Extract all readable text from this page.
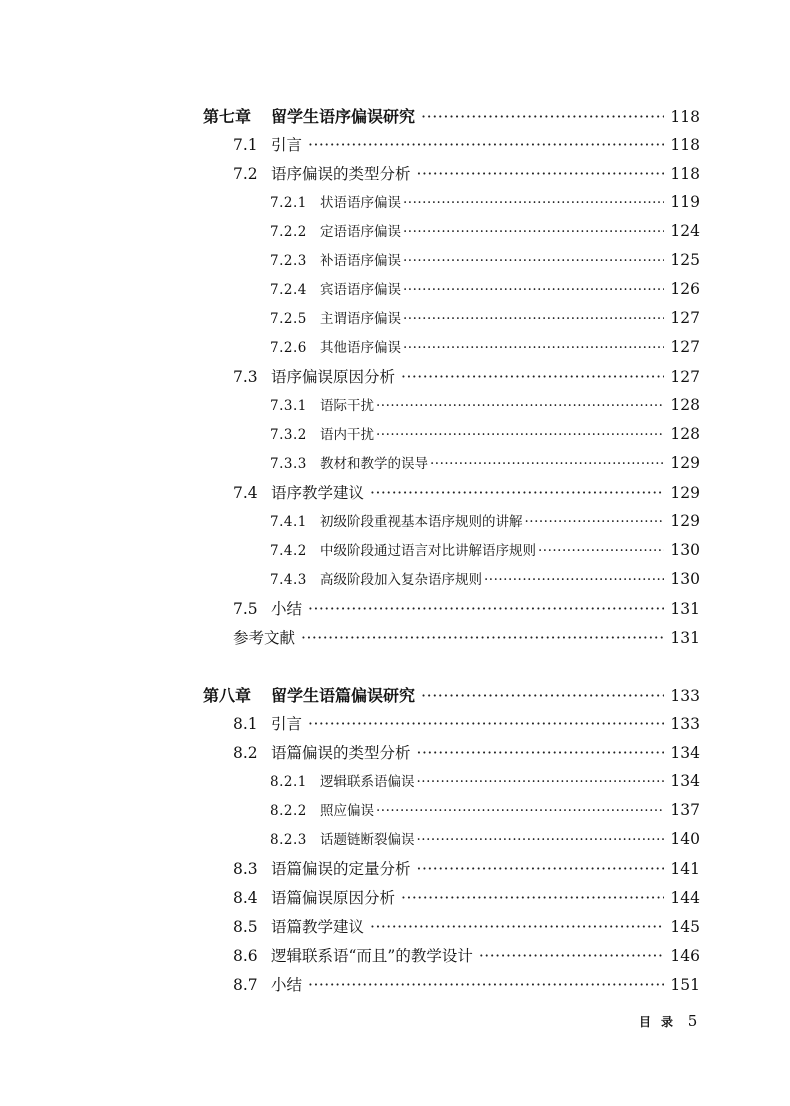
第七章	留学生语序偏误研究 ·····	118
7.1 引言 ·····	118
7.2 语序偏误的类型分析 ·····	118
7.2.1 状语语序偏误 ·····	119
7.2.2 定语语序偏误 ·····	124
7.2.3 补语语序偏误 ·····	125
7.2.4 宾语语序偏误 ·····	126
7.2.5 主谓语序偏误 ·····	127
7.2.6 其他语序偏误 ·····	127
7.3 语序偏误原因分析 ·····	127
7.3.1 语际干扰 ·····	128
7.3.2 语内干扰 ·····	128
7.3.3 教材和教学的误导 ·····	129
7.4 语序教学建议 ·····	129
7.4.1 初级阶段重视基本语序规则的讲解 ·····	129
7.4.2 中级阶段通过语言对比讲解语序规则 ·····	130
7.4.3 高级阶段加入复杂语序规则 ·····	130
7.5 小结 ·····	131
参考文献 ·····	131
第八章	留学生语篇偏误研究 ·····	133
8.1 引言 ·····	133
8.2 语篇偏误的类型分析 ·····	134
8.2.1 逻辑联系语偏误 ·····	134
8.2.2 照应偏误 ·····	137
8.2.3 话题链断裂偏误 ·····	140
8.3 语篇偏误的定量分析 ·····	141
8.4 语篇偏误原因分析 ·····	144
8.5 语篇教学建议 ·····	145
8.6 逻辑联系语“而且”的教学设计 ·····	146
8.7 小结 ·····	151
目录 5
